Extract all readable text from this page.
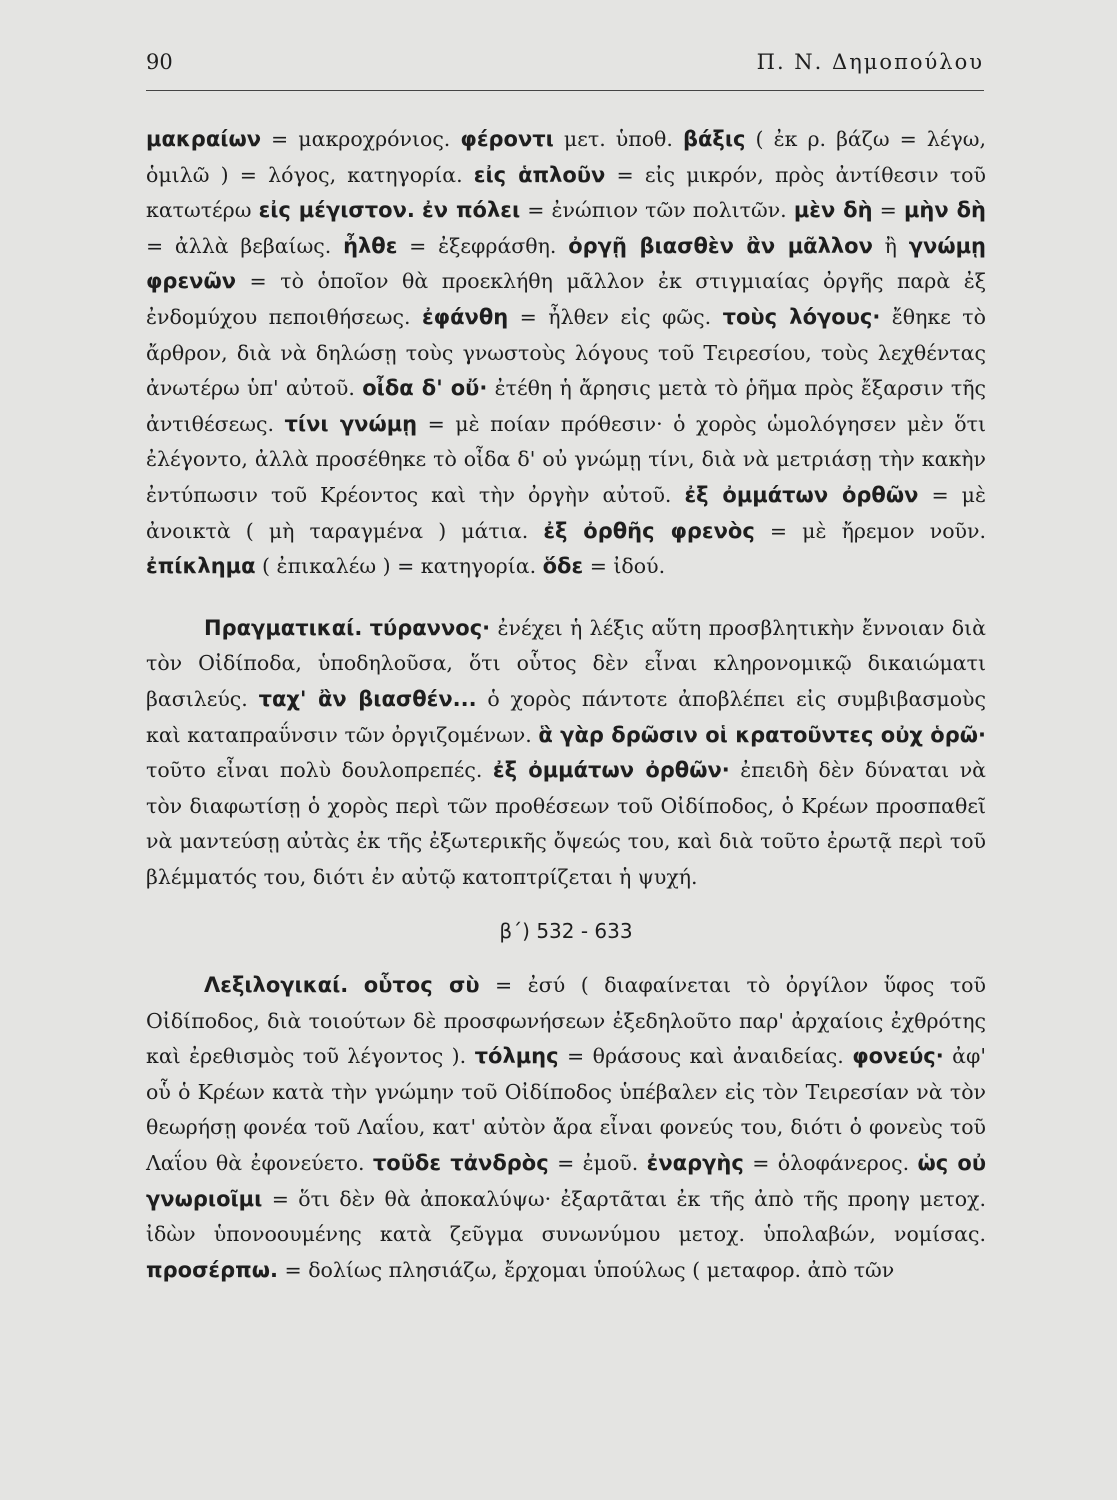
90	Π. Ν. Δημοπούλου

μακραίων = μακροχρόνιος. φέροντι μετ. ὑποθ. βάξις ( ἐκ ρ. βάζω = λέγω, ὁμιλῶ ) = λόγος, κατηγορία. εἰς ἁπλοῦν = εἰς μικρόν, πρὸς ἀντίθεσιν τοῦ κατωτέρω εἰς μέγιστον. ἐν πόλει = ἐνώπιον τῶν πολιτῶν. μὲν δὴ = μὴν δὴ = ἀλλὰ βεβαίως. ἦλθε = ἐξεφράσθη. ὀργῇ βιασθὲν ἂν μᾶλλον ἢ γνώμῃ φρενῶν = τὸ ὁποῖον θὰ προεκλήθη μᾶλλον ἐκ στιγμιαίας ὀργῆς παρὰ ἐξ ἐνδομύχου πεποιθήσεως. ἐφάνθη = ἦλθεν εἰς φῶς. τοὺς λόγους· ἔθηκε τὸ ἄρθρον, διὰ νὰ δηλώσῃ τοὺς γνωστοὺς λόγους τοῦ Τειρεσίου, τοὺς λεχθέντας ἀνωτέρω ὑπ' αὐτοῦ. οἶδα δ' οὔ· ἐτέθη ἡ ἄρησις μετὰ τὸ ῥῆμα πρὸς ἔξαρσιν τῆς ἀντιθέσεως. τίνι γνώμῃ = μὲ ποίαν πρόθεσιν· ὁ χορὸς ὡμολόγησεν μὲν ὅτι ἐλέγοντο, ἀλλὰ προσέθηκε τὸ οἶδα δ' οὐ γνώμῃ τίνι, διὰ νὰ μετριάσῃ τὴν κακὴν ἐντύπωσιν τοῦ Κρέοντος καὶ τὴν ὀργὴν αὐτοῦ. ἐξ ὀμμάτων ὀρθῶν = μὲ ἀνοικτὰ ( μὴ ταραγμένα ) μάτια. ἐξ ὀρθῆς φρενὸς = μὲ ἤρεμον νοῦν. ἐπίκλημα ( ἐπικαλέω ) = κατηγορία. ὅδε = ἰδού.

Πραγματικαί. τύραννος· ἐνέχει ἡ λέξις αὕτη προσβλητικὴν ἔννοιαν διὰ τὸν Οἰδίποδα, ὑποδηλοῦσα, ὅτι οὗτος δὲν εἶναι κληρονομικῷ δικαιώματι βασιλεύς. ταχ' ἂν βιασθέν... ὁ χορὸς πάντοτε ἀποβλέπει εἰς συμβιβασμοὺς καὶ καταπραΰνσιν τῶν ὀργιζομένων. ἃ γὰρ δρῶσιν οἱ κρατοῦντες οὐχ ὁρῶ· τοῦτο εἶναι πολὺ δουλοπρεπές. ἐξ ὀμμάτων ὀρθῶν· ἐπειδὴ δὲν δύναται νὰ τὸν διαφωτίσῃ ὁ χορὸς περὶ τῶν προθέσεων τοῦ Οἰδίποδος, ὁ Κρέων προσπαθεῖ νὰ μαντεύσῃ αὐτὰς ἐκ τῆς ἐξωτερικῆς ὄψεώς του, καὶ διὰ τοῦτο ἐρωτᾷ περὶ τοῦ βλέμματός του, διότι ἐν αὐτῷ κατοπτρίζεται ἡ ψυχή.

β΄) 532 - 633

Λεξιλογικαί. οὗτος σὺ = ἐσύ ( διαφαίνεται τὸ ὀργίλον ὕφος τοῦ Οἰδίποδος, διὰ τοιούτων δὲ προσφωνήσεων ἐξεδηλοῦτο παρ' ἀρχαίοις ἐχθρότης καὶ ἐρεθισμὸς τοῦ λέγοντος ). τόλμης = θράσους καὶ ἀναιδείας. φονεύς· ἀφ' οὗ ὁ Κρέων κατὰ τὴν γνώμην τοῦ Οἰδίποδος ὑπέβαλεν εἰς τὸν Τειρεσίαν νὰ τὸν θεωρήσῃ φονέα τοῦ Λαΐου, κατ' αὐτὸν ἄρα εἶναι φονεύς του, διότι ὁ φονεὺς τοῦ Λαΐου θὰ ἐφονεύετο. τοῦδε τἀνδρὸς = ἐμοῦ. ἐναργὴς = ὁλοφάνερος. ὡς οὐ γνωριοῖμι = ὅτι δὲν θὰ ἀποκαλύψω· ἐξαρτᾶται ἐκ τῆς ἀπὸ τῆς προηγ μετοχ. ἰδὼν ὑπονοουμένης κατὰ ζεῦγμα συνωνύμου μετοχ. ὑπολαβών, νομίσας. προσέρπω. = δολίως πλησιάζω, ἔρχομαι ὑπούλως ( μεταφορ. ἀπὸ τῶν
